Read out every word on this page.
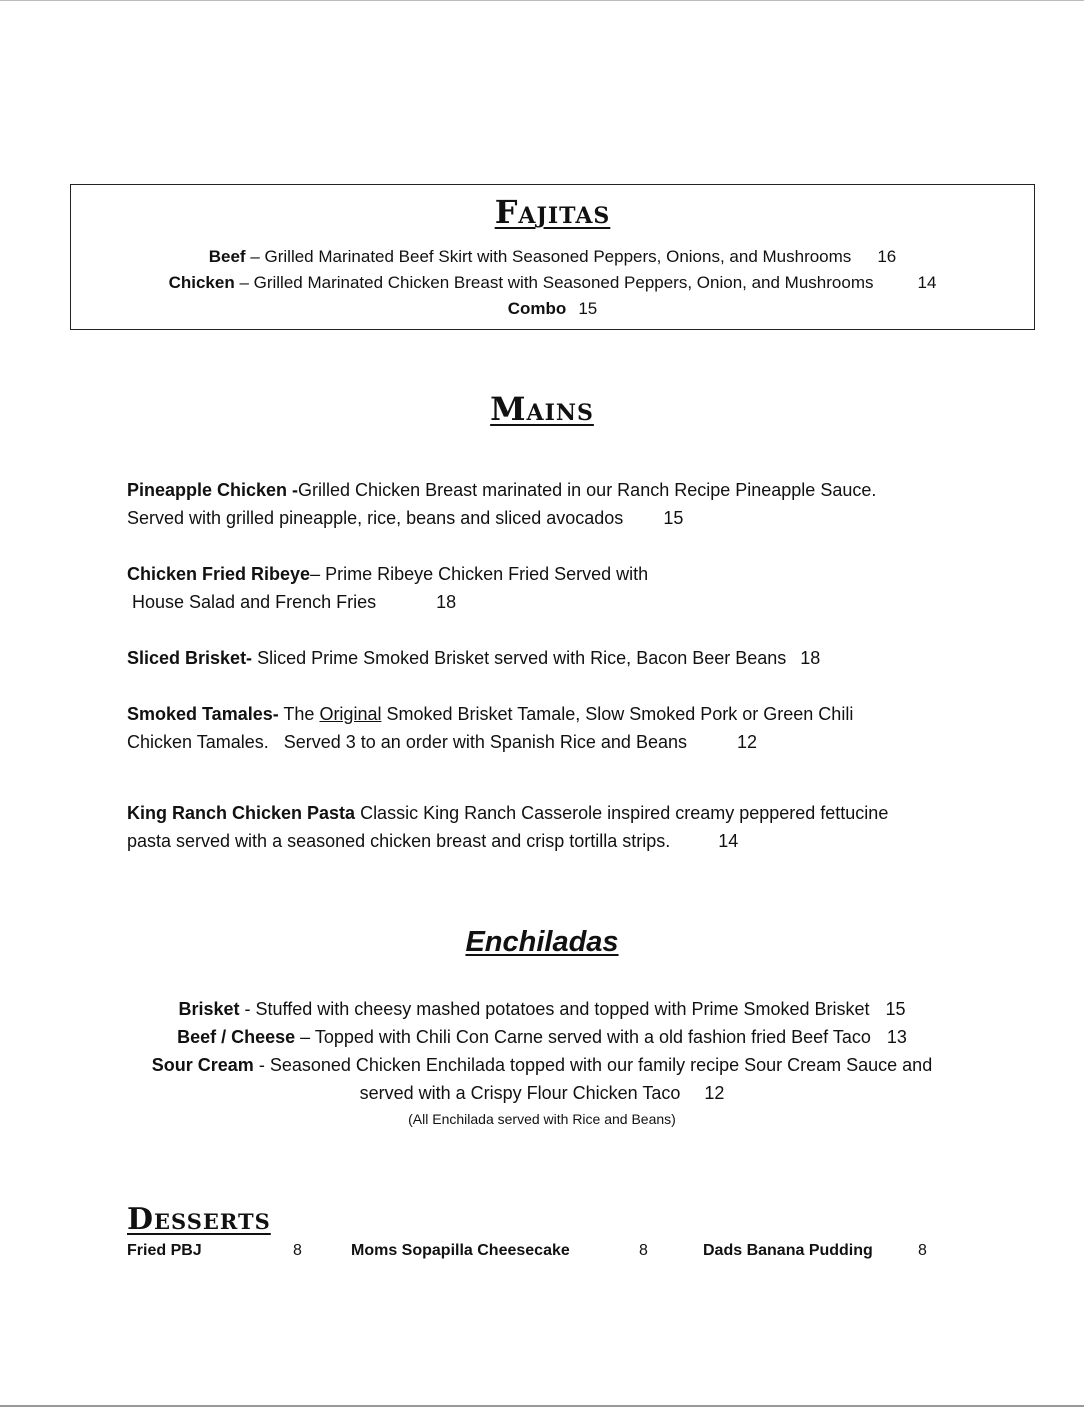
Fajitas
Beef – Grilled Marinated Beef Skirt with Seasoned Peppers, Onions, and Mushrooms 16
Chicken – Grilled Marinated Chicken Breast with Seasoned Peppers, Onion, and Mushrooms	14
Combo 15
Mains
Pineapple Chicken -Grilled Chicken Breast marinated in our Ranch Recipe Pineapple Sauce.
Served with grilled pineapple, rice, beans and sliced avocados 15
Chicken Fried Ribeye– Prime Ribeye Chicken Fried Served with
House Salad and French Fries	18
Sliced Brisket- Sliced Prime Smoked Brisket served with Rice, Bacon Beer Beans 18
Smoked Tamales- The Original Smoked Brisket Tamale, Slow Smoked Pork or Green Chili
Chicken Tamales.   Served 3 to an order with Spanish Rice and Beans	12
King Ranch Chicken Pasta Classic King Ranch Casserole inspired creamy peppered fettucine
pasta served with a seasoned chicken breast and crisp tortilla strips.	14
Enchiladas
Brisket - Stuffed with cheesy mashed potatoes and topped with Prime Smoked Brisket 15
Beef / Cheese – Topped with Chili Con Carne served with a old fashion fried Beef Taco 13
Sour Cream - Seasoned Chicken Enchilada topped with our family recipe Sour Cream Sauce and
served with a Crispy Flour Chicken Taco 12
(All Enchilada served with Rice and Beans)
Desserts
Fried PBJ	8	Moms Sopapilla Cheesecake	8	Dads Banana Pudding	8
